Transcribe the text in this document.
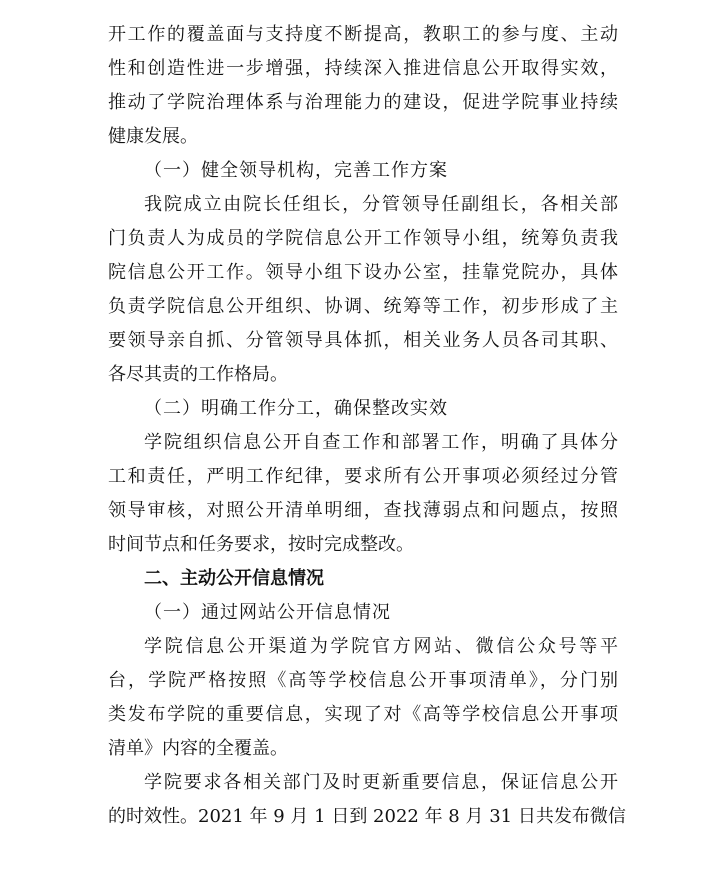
开工作的覆盖面与支持度不断提高，教职工的参与度、主动

性和创造性进一步增强，持续深入推进信息公开取得实效，

推动了学院治理体系与治理能力的建设，促进学院事业持续

健康发展。

（一）健全领导机构，完善工作方案

我院成立由院长任组长，分管领导任副组长，各相关部

门负责人为成员的学院信息公开工作领导小组，统筹负责我

院信息公开工作。领导小组下设办公室，挂靠党院办，具体

负责学院信息公开组织、协调、统筹等工作，初步形成了主

要领导亲自抓、分管领导具体抓，相关业务人员各司其职、

各尽其责的工作格局。

（二）明确工作分工，确保整改实效

学院组织信息公开自查工作和部署工作，明确了具体分

工和责任，严明工作纪律，要求所有公开事项必须经过分管

领导审核，对照公开清单明细，查找薄弱点和问题点，按照

时间节点和任务要求，按时完成整改。

二、主动公开信息情况

（一）通过网站公开信息情况

学院信息公开渠道为学院官方网站、微信公众号等平

台，学院严格按照《高等学校信息公开事项清单》，分门别

类发布学院的重要信息，实现了对《高等学校信息公开事项

清单》内容的全覆盖。

学院要求各相关部门及时更新重要信息，保证信息公开

的时效性。2021 年 9 月 1 日到 2022 年 8 月 31 日共发布微信
